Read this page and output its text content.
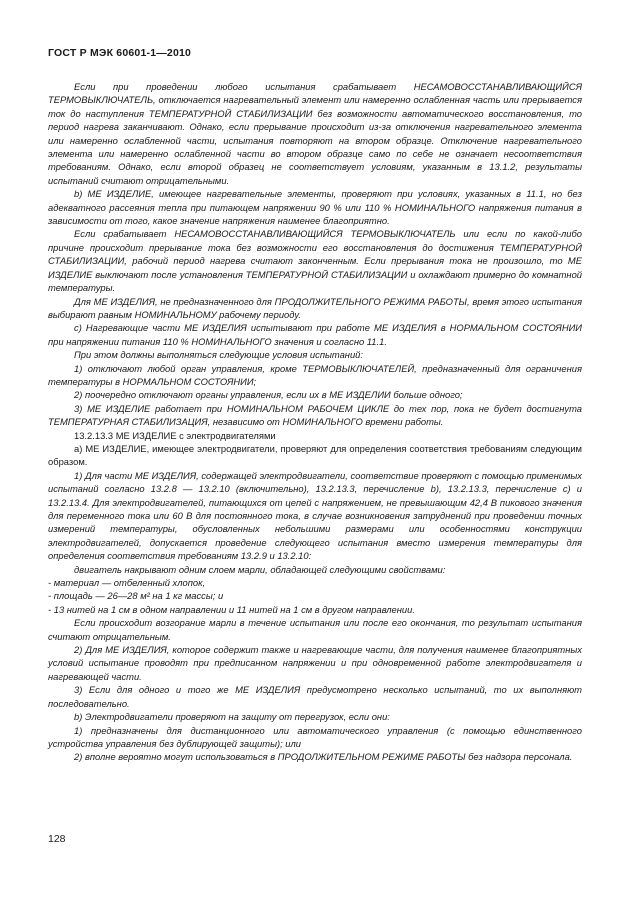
ГОСТ Р МЭК 60601-1—2010

Если при проведении любого испытания срабатывает НЕСАМОВОССТАНАВЛИВАЮЩИЙСЯ ТЕРМОВЫКЛЮЧАТЕЛЬ, отключается нагревательный элемент или намеренно ослабленная часть или прерывается ток до наступления ТЕМПЕРАТУРНОЙ СТАБИЛИЗАЦИИ без возможности автоматического восстановления, то период нагрева заканчивают. Однако, если прерывание происходит из-за отключения нагревательного элемента или намеренно ослабленной части, испытания повторяют на втором образце. Отключение нагревательного элемента или намеренно ослабленной части во втором образце само по себе не означает несоответствия требованиям. Однако, если второй образец не соответствует условиям, указанным в 13.1.2, результаты испытаний считают отрицательными.

b) МЕ ИЗДЕЛИЕ, имеющее нагревательные элементы, проверяют при условиях, указанных в 11.1, но без адекватного рассеяния тепла при питающем напряжении 90 % или 110 % НОМИНАЛЬНОГО напряжения питания в зависимости от того, какое значение напряжения наименее благоприятно.

Если срабатывает НЕСАМОВОССТАНАВЛИВАЮЩИЙСЯ ТЕРМОВЫКЛЮЧАТЕЛЬ или если по какой-либо причине происходит прерывание тока без возможности его восстановления до достижения ТЕМПЕРАТУРНОЙ СТАБИЛИЗАЦИИ, рабочий период нагрева считают законченным. Если прерывания тока не произошло, то МЕ ИЗДЕЛИЕ выключают после установления ТЕМПЕРАТУРНОЙ СТАБИЛИЗАЦИИ и охлаждают примерно до комнатной температуры.

Для МЕ ИЗДЕЛИЯ, не предназначенного для ПРОДОЛЖИТЕЛЬНОГО РЕЖИМА РАБОТЫ, время этого испытания выбирают равным НОМИНАЛЬНОМУ рабочему периоду.

c) Нагревающие части МЕ ИЗДЕЛИЯ испытывают при работе МЕ ИЗДЕЛИЯ в НОРМАЛЬНОМ СОСТОЯНИИ при напряжении питания 110 % НОМИНАЛЬНОГО значения и согласно 11.1.

При этом должны выполняться следующие условия испытаний:

1) отключают любой орган управления, кроме ТЕРМОВЫКЛЮЧАТЕЛЕЙ, предназначенный для ограничения температуры в НОРМАЛЬНОМ СОСТОЯНИИ;

2) поочередно отключают органы управления, если их в МЕ ИЗДЕЛИИ больше одного;

3) МЕ ИЗДЕЛИЕ работает при НОМИНАЛЬНОМ РАБОЧЕМ ЦИКЛЕ до тех пор, пока не будет достигнута ТЕМПЕРАТУРНАЯ СТАБИЛИЗАЦИЯ, независимо от НОМИНАЛЬНОГО времени работы.

13.2.13.3 МЕ ИЗДЕЛИЕ с электродвигателями

а) МЕ ИЗДЕЛИЕ, имеющее электродвигатели, проверяют для определения соответствия требованиям следующим образом.

1) Для части МЕ ИЗДЕЛИЯ, содержащей электродвигатели, соответствие проверяют с помощью применимых испытаний согласно 13.2.8 — 13.2.10 (включительно), 13.2.13.3, перечисление b), 13.2.13.3, перечисление c) и 13.2.13.4. Для электродвигателей, питающихся от цепей с напряжением, не превышающим 42,4 В пикового значения для переменного тока или 60 В для постоянного тока, в случае возникновения затруднений при проведении точных измерений температуры, обусловленных небольшими размерами или особенностями конструкции электродвигателей, допускается проведение следующего испытания вместо измерения температуры для определения соответствия требованиям 13.2.9 и 13.2.10:

двигатель накрывают одним слоем марли, обладающей следующими свойствами:

- материал — отбеленный хлопок,

- площадь — 26—28 м² на 1 кг массы; и

- 13 нитей на 1 см в одном направлении и 11 нитей на 1 см в другом направлении.

Если происходит возгорание марли в течение испытания или после его окончания, то результат испытания считают отрицательным.

2) Для МЕ ИЗДЕЛИЯ, которое содержит также и нагревающие части, для получения наименее благоприятных условий испытание проводят при предписанном напряжении и при одновременной работе электродвигателя и нагревающей части.

3) Если для одного и того же МЕ ИЗДЕЛИЯ предусмотрено несколько испытаний, то их выполняют последовательно.

b) Электродвигатели проверяют на защиту от перегрузок, если они:

1) предназначены для дистанционного или автоматического управления (с помощью единственного устройства управления без дублирующей защиты); или

2) вполне вероятно могут использоваться в ПРОДОЛЖИТЕЛЬНОМ РЕЖИМЕ РАБОТЫ без надзора персонала.

128
